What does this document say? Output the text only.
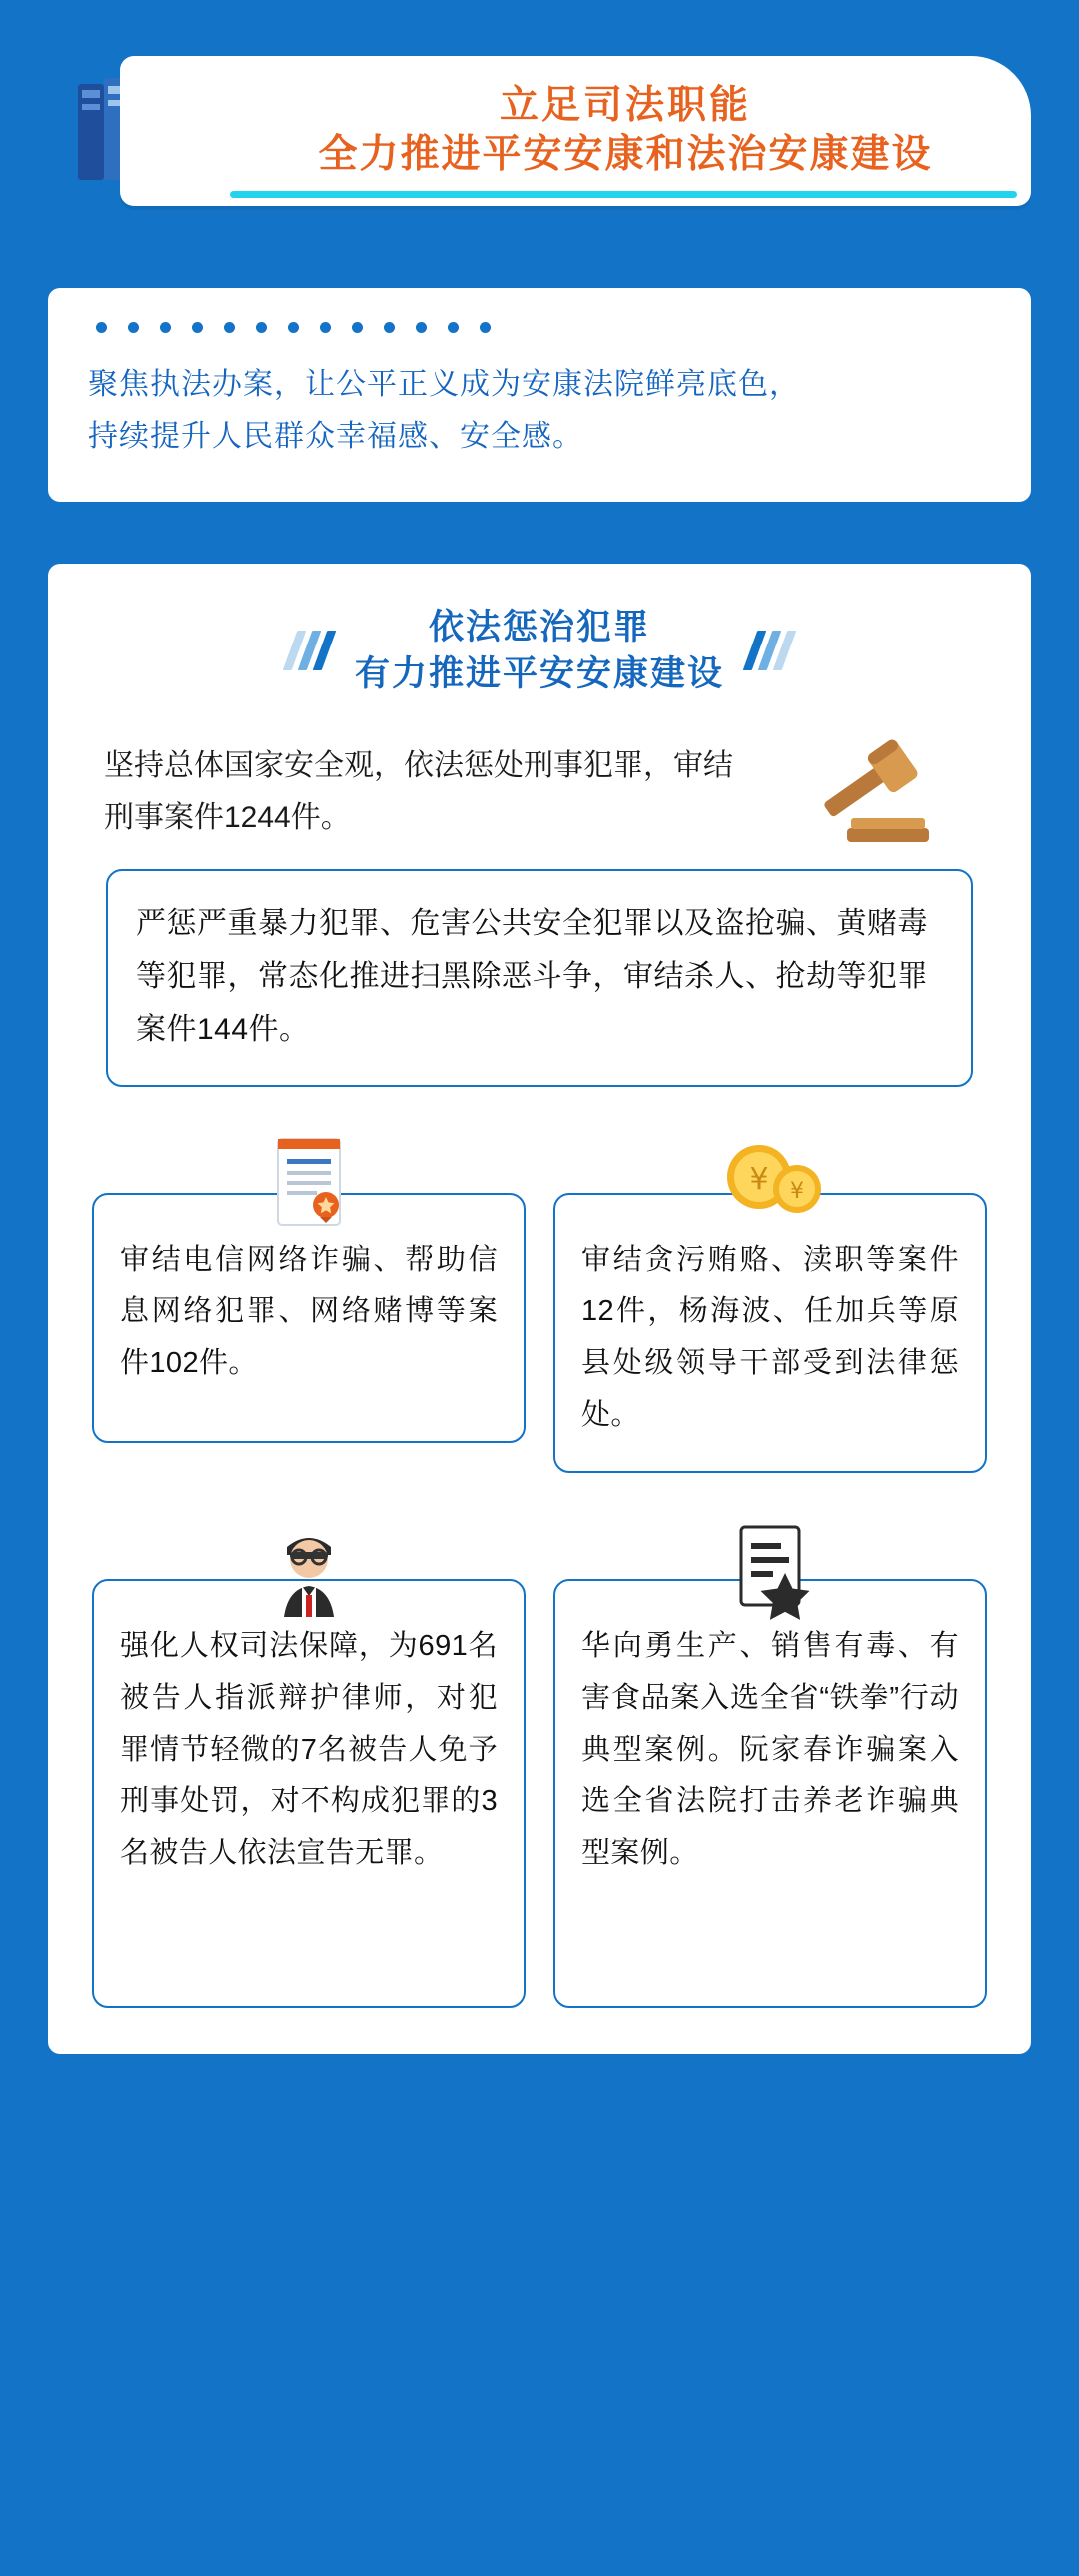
立足司法职能
全力推进平安安康和法治安康建设
聚焦执法办案，让公平正义成为安康法院鲜亮底色，
持续提升人民群众幸福感、安全感。
依法惩治犯罪
有力推进平安安康建设
坚持总体国家安全观，依法惩处刑事犯罪，审结刑事案件1244件。
严惩严重暴力犯罪、危害公共安全犯罪以及盗抢骗、黄赌毒等犯罪，常态化推进扫黑除恶斗争，审结杀人、抢劫等犯罪案件144件。
审结电信网络诈骗、帮助信息网络犯罪、网络赌博等案件102件。
¥ ¥
审结贪污贿赂、渎职等案件12件，杨海波、任加兵等原县处级领导干部受到法律惩处。
强化人权司法保障，为691名被告人指派辩护律师，对犯罪情节轻微的7名被告人免予刑事处罚，对不构成犯罪的3名被告人依法宣告无罪。
华向勇生产、销售有毒、有害食品案入选全省“铁拳”行动典型案例。阮家春诈骗案入选全省法院打击养老诈骗典型案例。
